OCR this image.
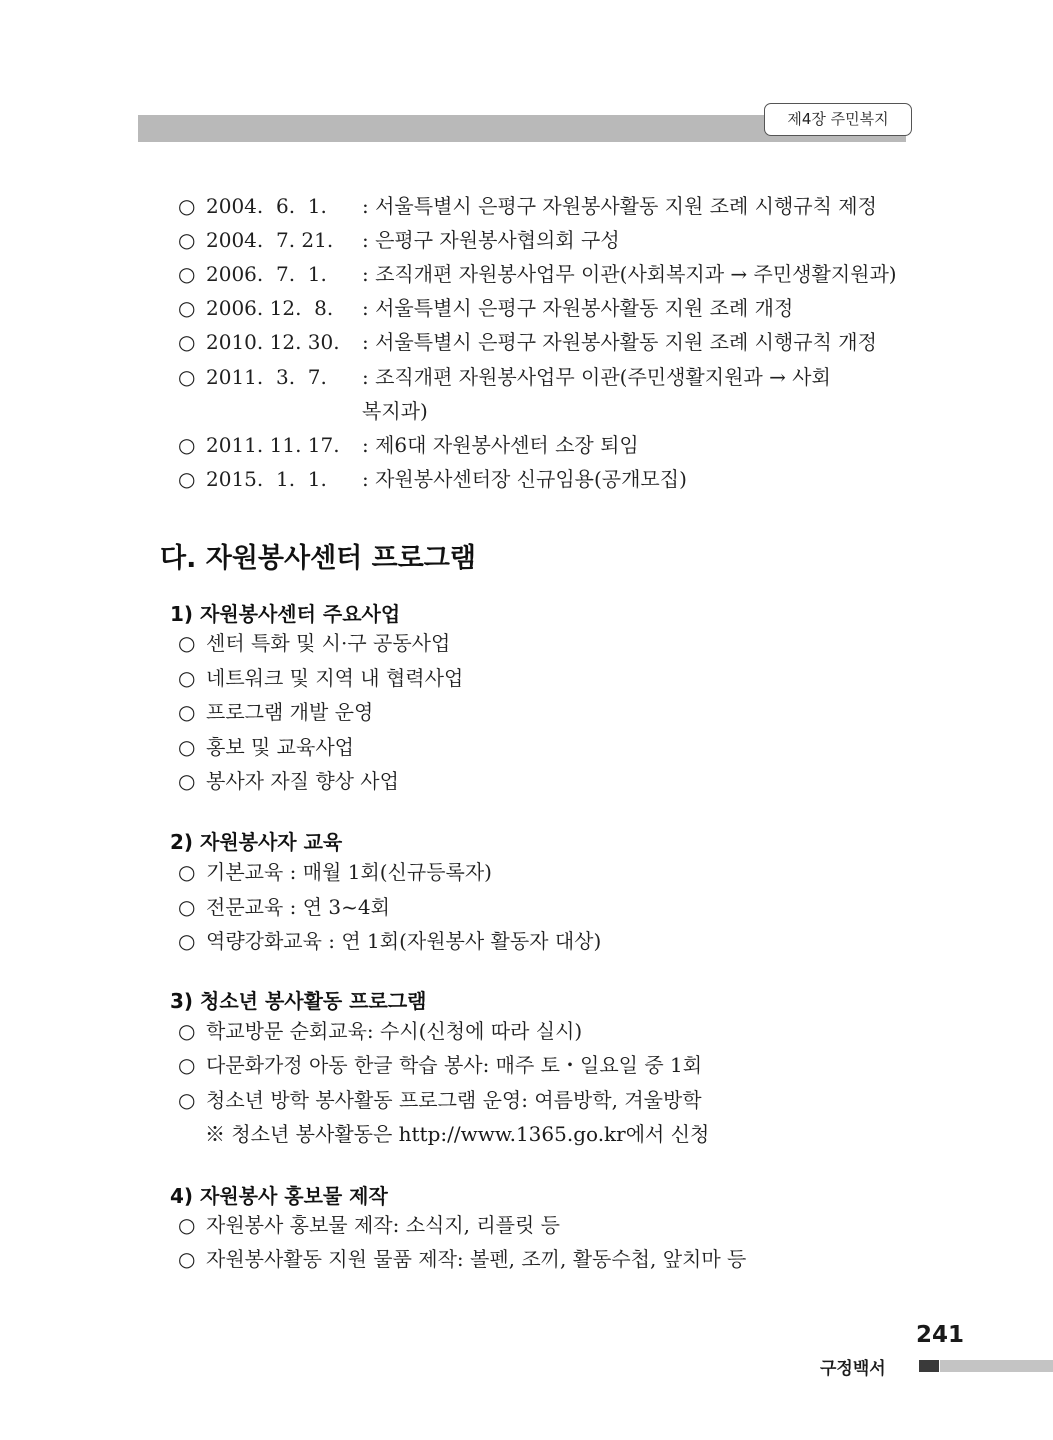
제4장 주민복지
○ 2004.  6.  1. : 서울특별시 은평구 자원봉사활동 지원 조례 시행규칙 제정
○ 2004.  7. 21. : 은평구 자원봉사협의회 구성
○ 2006.  7.  1. : 조직개편 자원봉사업무 이관(사회복지과 → 주민생활지원과)
○ 2006. 12.  8. : 서울특별시 은평구 자원봉사활동 지원 조례 개정
○ 2010. 12. 30. : 서울특별시 은평구 자원봉사활동 지원 조례 시행규칙 개정
○ 2011.  3.  7. : 조직개편 자원봉사업무 이관(주민생활지원과 → 사회
복지과)
○ 2011. 11. 17. : 제6대 자원봉사센터 소장 퇴임
○ 2015.  1.  1. : 자원봉사센터장 신규임용(공개모집)
다. 자원봉사센터 프로그램
1) 자원봉사센터 주요사업
○ 센터 특화 및 시·구 공동사업
○ 네트워크 및 지역 내 협력사업
○ 프로그램 개발 운영
○ 홍보 및 교육사업
○ 봉사자 자질 향상 사업
2) 자원봉사자 교육
○ 기본교육 : 매월 1회(신규등록자)
○ 전문교육 : 연 3~4회
○ 역량강화교육 : 연 1회(자원봉사 활동자 대상)
3) 청소년 봉사활동 프로그램
○ 학교방문 순회교육: 수시(신청에 따라 실시)
○ 다문화가정 아동 한글 학습 봉사: 매주 토・일요일 중 1회
○ 청소년 방학 봉사활동 프로그램 운영: 여름방학, 겨울방학
※ 청소년 봉사활동은 http://www.1365.go.kr에서 신청
4) 자원봉사 홍보물 제작
○ 자원봉사 홍보물 제작: 소식지, 리플릿 등
○ 자원봉사활동 지원 물품 제작: 볼펜, 조끼, 활동수첩, 앞치마 등
241
구정백서
